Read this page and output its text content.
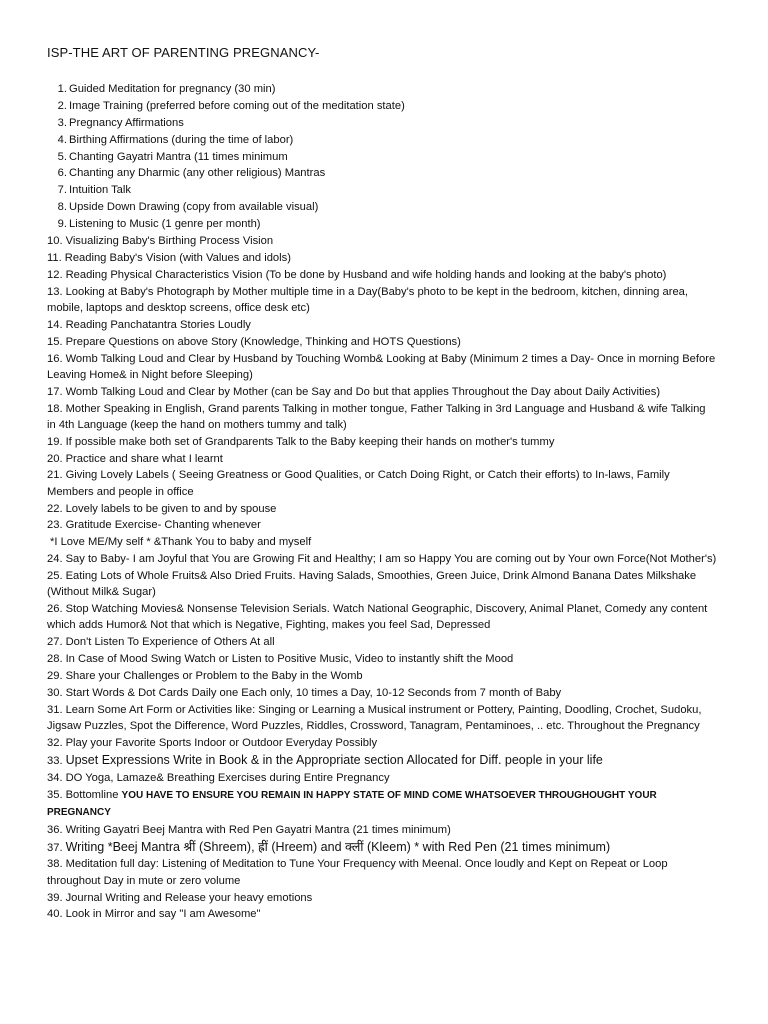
ISP-THE ART OF PARENTING PREGNANCY-
1. Guided Meditation for pregnancy (30 min)
2. Image Training (preferred before coming out of the meditation state)
3. Pregnancy Affirmations
4. Birthing Affirmations (during the time of labor)
5. Chanting Gayatri Mantra (11 times minimum
6. Chanting any Dharmic (any other religious) Mantras
7. Intuition Talk
8. Upside Down Drawing (copy from available visual)
9. Listening to Music (1 genre per month)
10. Visualizing Baby's Birthing Process Vision
11. Reading Baby's Vision (with Values and idols)
12. Reading Physical Characteristics Vision (To be done by Husband and wife holding hands and looking at the baby's photo)
13. Looking at Baby's Photograph by Mother multiple time in a Day(Baby's photo to be kept in the bedroom, kitchen, dinning area, mobile, laptops and desktop screens, office desk etc)
14. Reading Panchatantra Stories Loudly
15. Prepare Questions on above Story (Knowledge, Thinking and HOTS Questions)
16. Womb Talking Loud and Clear by Husband by Touching Womb& Looking at Baby (Minimum 2 times a Day- Once in morning Before Leaving Home& in Night before Sleeping)
17. Womb Talking Loud and Clear by Mother (can be Say and Do but that applies Throughout the Day about Daily Activities)
18. Mother Speaking in English, Grand parents Talking in mother tongue, Father Talking in 3rd Language and Husband & wife Talking in 4th Language (keep the hand on mothers tummy and talk)
19. If possible make both set of Grandparents Talk to the Baby keeping their hands on mother's tummy
20. Practice and share what I learnt
21. Giving Lovely Labels ( Seeing Greatness or Good Qualities, or Catch Doing Right, or Catch their efforts) to In-laws, Family Members and people in office
22. Lovely labels to be given to and by spouse
23. Gratitude Exercise- Chanting whenever
*I Love ME/My self * &Thank You to baby and myself
24. Say to Baby- I am Joyful that You are Growing Fit and Healthy; I am so Happy You are coming out by Your own Force(Not Mother's)
25. Eating Lots of Whole Fruits& Also Dried Fruits. Having Salads, Smoothies, Green Juice, Drink Almond Banana Dates Milkshake (Without Milk& Sugar)
26. Stop Watching Movies& Nonsense Television Serials. Watch National Geographic, Discovery, Animal Planet, Comedy any content which adds Humor& Not that which is Negative, Fighting, makes you feel Sad, Depressed
27. Don't Listen To Experience of Others At all
28. In Case of Mood Swing Watch or Listen to Positive Music, Video to instantly shift the Mood
29. Share your Challenges or Problem to the Baby in the Womb
30. Start Words & Dot Cards Daily one Each only, 10 times a Day, 10-12 Seconds from 7 month of Baby
31. Learn Some Art Form or Activities like: Singing or Learning a Musical instrument or Pottery, Painting, Doodling, Crochet, Sudoku, Jigsaw Puzzles, Spot the Difference, Word Puzzles, Riddles, Crossword, Tanagram, Pentaminoes, .. etc. Throughout the Pregnancy
32. Play your Favorite Sports Indoor or Outdoor Everyday Possibly
33. Upset Expressions Write in Book & in the Appropriate section Allocated for Diff. people in your life
34. DO Yoga, Lamaze& Breathing Exercises during Entire Pregnancy
35. Bottomline YOU HAVE TO ENSURE YOU REMAIN IN HAPPY STATE OF MIND COME WHATSOEVER THROUGHOUGHT YOUR PREGNANCY
36. Writing Gayatri Beej Mantra with Red Pen Gayatri Mantra (21 times minimum)
37. Writing *Beej Mantra श्रीं (Shreem), ह्रीं (Hreem) and क्लीं (Kleem) * with Red Pen (21 times minimum)
38. Meditation full day: Listening of Meditation to Tune Your Frequency with Meenal. Once loudly and Kept on Repeat or Loop throughout Day in mute or zero volume
39. Journal Writing and Release your heavy emotions
40. Look in Mirror and say "I am Awesome"
